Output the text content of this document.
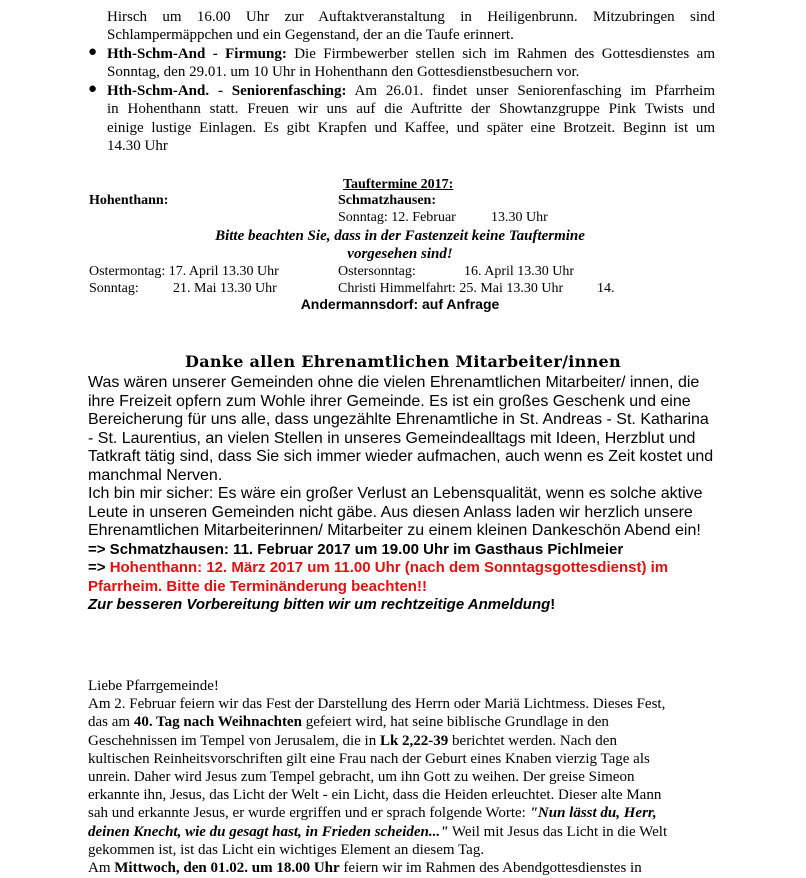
Hirsch um 16.00 Uhr zur Auftaktveranstaltung in Heiligenbrunn. Mitzubringen sind
Schlampermäppchen und ein Gegenstand, der an die Taufe erinnert.
● Hth-Schm-And - Firmung: Die Firmbewerber stellen sich im Rahmen des Gottesdienstes am
Sonntag, den 29.01. um 10 Uhr in Hohenthann den Gottesdienstbesuchern vor.
● Hth-Schm-And. - Seniorenfasching: Am 26.01. findet unser Seniorenfasching im Pfarrheim
in Hohenthann statt. Freuen wir uns auf die Auftritte der Showtanzgruppe Pink Twists und
einige lustige Einlagen. Es gibt Krapfen und Kaffee, und später eine Brotzeit. Beginn ist um
14.30 Uhr
Tauftermine 2017:
Hohenthann:	Schmatzhausen:
Sonntag: 12. Februar	13.30 Uhr
Bitte beachten Sie, dass in der Fastenzeit keine Tauftermine
vorgesehen sind!
Ostermontag: 17. April 13.30 Uhr	Ostersonntag:	16. April 13.30 Uhr
Sonntag: 21. Mai 13.30 Uhr	Christi Himmelfahrt: 25. Mai 13.30 Uhr 14.
Andermannsdorf: auf Anfrage
Danke allen Ehrenamtlichen Mitarbeiter/innen
Was wären unserer Gemeinden ohne die vielen Ehrenamtlichen Mitarbeiter/ innen, die
ihre Freizeit opfern zum Wohle ihrer Gemeinde. Es ist ein großes Geschenk und eine
Bereicherung für uns alle, dass ungezählte Ehrenamtliche in St. Andreas - St. Katharina
- St. Laurentius, an vielen Stellen in unseres Gemeindealltags mit Ideen, Herzblut und
Tatkraft tätig sind, dass Sie sich immer wieder aufmachen, auch wenn es Zeit kostet und
manchmal Nerven.
Ich bin mir sicher: Es wäre ein großer Verlust an Lebensqualität, wenn es solche aktive
Leute in unseren Gemeinden nicht gäbe. Aus diesen Anlass laden wir herzlich unsere
Ehrenamtlichen Mitarbeiterinnen/ Mitarbeiter zu einem kleinen Dankeschön Abend ein!
=> Schmatzhausen: 11. Februar 2017 um 19.00 Uhr im Gasthaus Pichlmeier
=> Hohenthann: 12. März 2017 um 11.00 Uhr (nach dem Sonntagsgottesdienst) im
Pfarrheim. Bitte die Terminänderung beachten!!
Zur besseren Vorbereitung bitten wir um rechtzeitige Anmeldung!
Liebe Pfarrgemeinde!
Am 2. Februar feiern wir das Fest der Darstellung des Herrn oder Mariä Lichtmess. Dieses Fest,
das am 40. Tag nach Weihnachten gefeiert wird, hat seine biblische Grundlage in den
Geschehnissen im Tempel von Jerusalem, die in Lk 2,22-39 berichtet werden. Nach den
kultischen Reinheitsvorschriften gilt eine Frau nach der Geburt eines Knaben vierzig Tage als
unrein. Daher wird Jesus zum Tempel gebracht, um ihn Gott zu weihen. Der greise Simeon
erkannte ihn, Jesus, das Licht der Welt - ein Licht, dass die Heiden erleuchtet. Dieser alte Mann
sah und erkannte Jesus, er wurde ergriffen und er sprach folgende Worte: "Nun lässt du, Herr,
deinen Knecht, wie du gesagt hast, in Frieden scheiden..." Weil mit Jesus das Licht in die Welt
gekommen ist, ist das Licht ein wichtiges Element an diesem Tag.
Am Mittwoch, den 01.02. um 18.00 Uhr feiern wir im Rahmen des Abendgottesdienstes in
